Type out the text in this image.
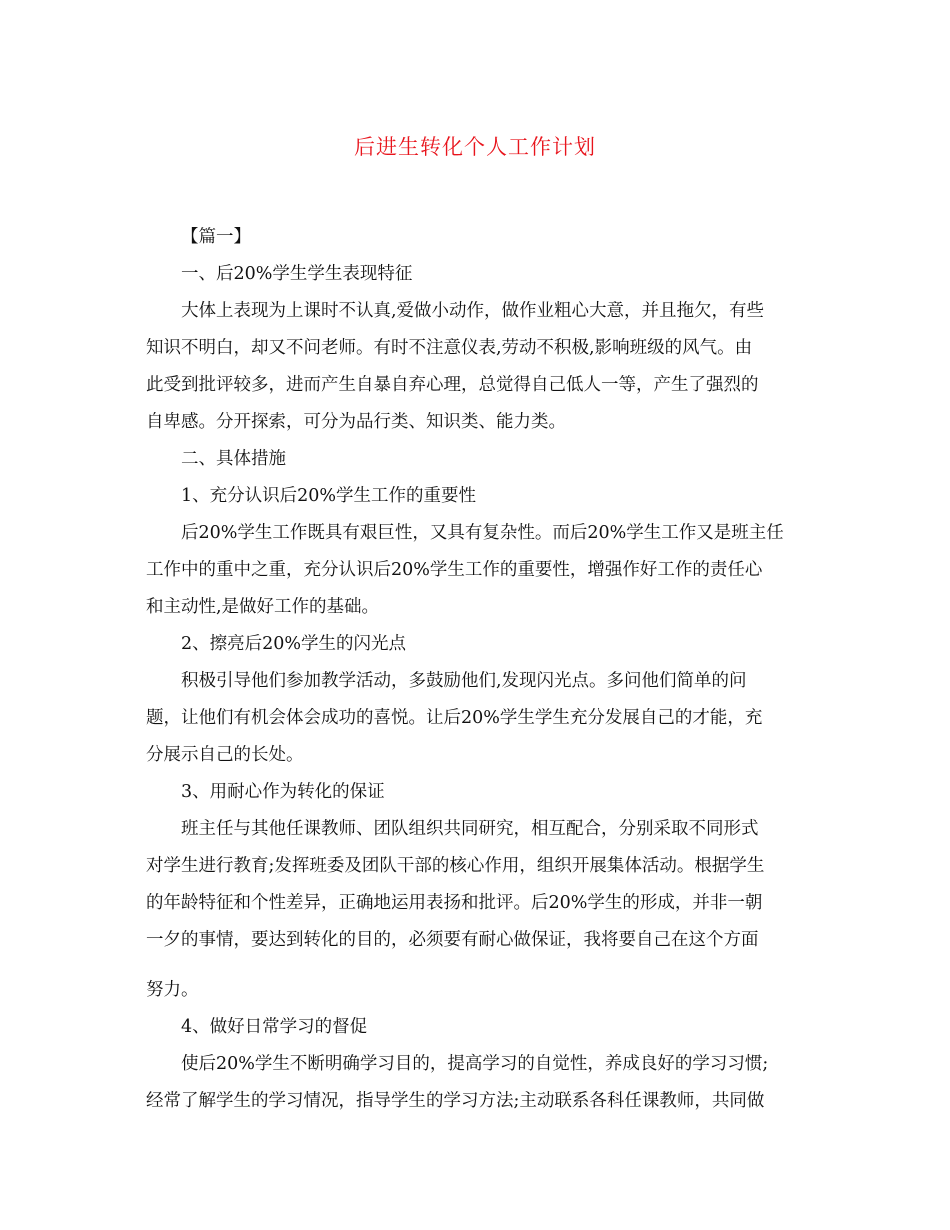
后进生转化个人工作计划
【篇一】
一、后20%学生学生表现特征
大体上表现为上课时不认真,爱做小动作，做作业粗心大意，并且拖欠，有些
知识不明白，却又不问老师。有时不注意仪表,劳动不积极,影响班级的风气。由
此受到批评较多，进而产生自暴自弃心理，总觉得自己低人一等，产生了强烈的
自卑感。分开探索，可分为品行类、知识类、能力类。
二、具体措施
1、充分认识后20%学生工作的重要性
后20%学生工作既具有艰巨性，又具有复杂性。而后20%学生工作又是班主任
工作中的重中之重，充分认识后20%学生工作的重要性，增强作好工作的责任心
和主动性,是做好工作的基础。
2、擦亮后20%学生的闪光点
积极引导他们参加教学活动，多鼓励他们,发现闪光点。多问他们简单的问
题，让他们有机会体会成功的喜悦。让后20%学生学生充分发展自己的才能，充
分展示自己的长处。
3、用耐心作为转化的保证
班主任与其他任课教师、团队组织共同研究，相互配合，分别采取不同形式
对学生进行教育;发挥班委及团队干部的核心作用，组织开展集体活动。根据学生
的年龄特征和个性差异，正确地运用表扬和批评。后20%学生的形成，并非一朝
一夕的事情，要达到转化的目的，必须要有耐心做保证，我将要自己在这个方面
努力。
4、做好日常学习的督促
使后20%学生不断明确学习目的，提高学习的自觉性，养成良好的学习习惯;
经常了解学生的学习情况，指导学生的学习方法;主动联系各科任课教师，共同做
